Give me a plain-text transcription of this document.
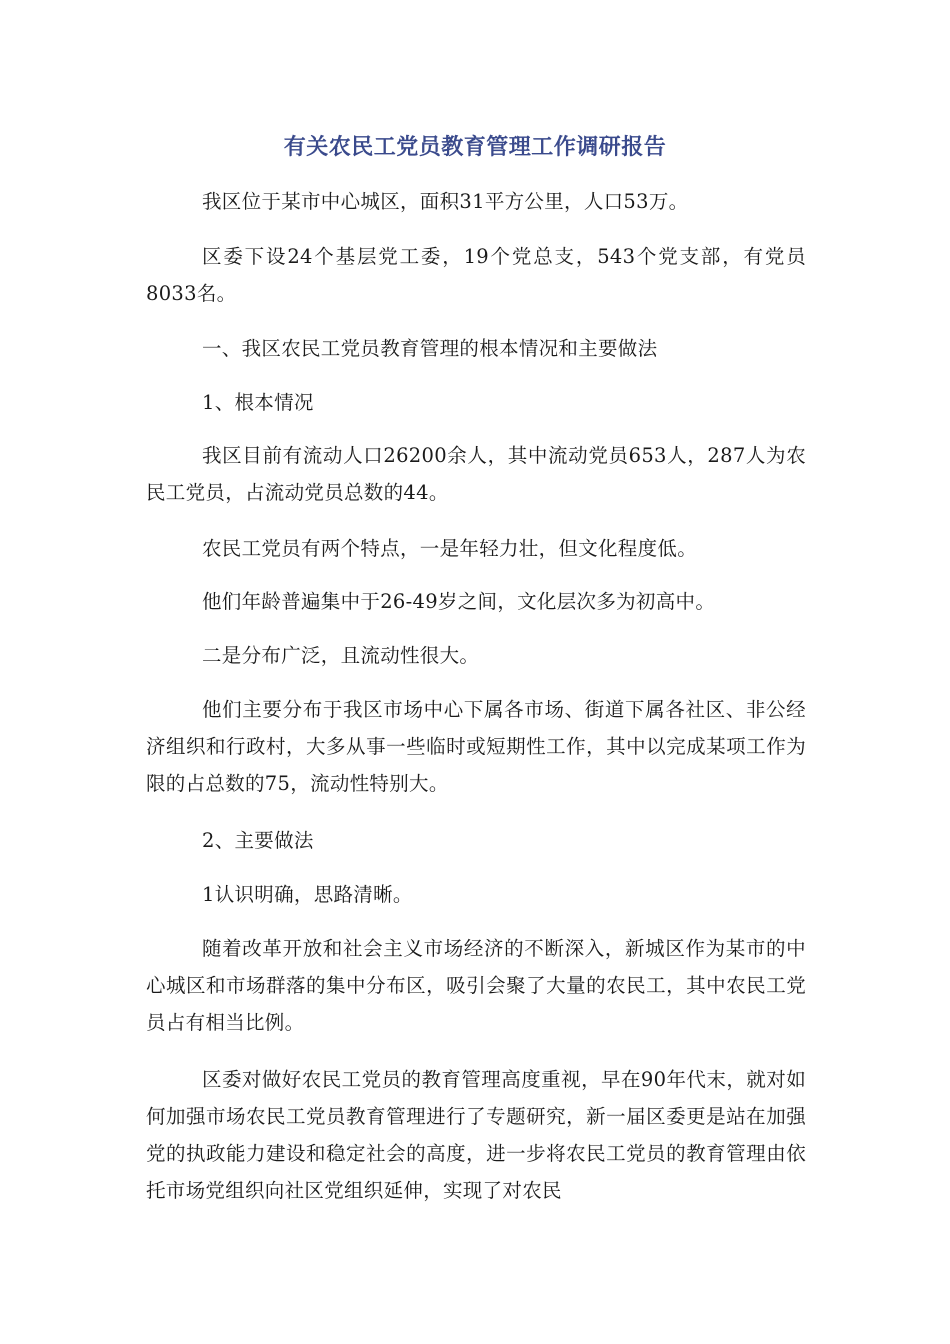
有关农民工党员教育管理工作调研报告
我区位于某市中心城区，面积31平方公里，人口53万。
区委下设24个基层党工委，19个党总支，543个党支部，有党员8033名。
一、我区农民工党员教育管理的根本情况和主要做法
1、根本情况
我区目前有流动人口26200余人，其中流动党员653人，287人为农民工党员，占流动党员总数的44。
农民工党员有两个特点，一是年轻力壮，但文化程度低。
他们年龄普遍集中于26-49岁之间，文化层次多为初高中。
二是分布广泛，且流动性很大。
他们主要分布于我区市场中心下属各市场、街道下属各社区、非公经济组织和行政村，大多从事一些临时或短期性工作，其中以完成某项工作为限的占总数的75，流动性特别大。
2、主要做法
1认识明确，思路清晰。
随着改革开放和社会主义市场经济的不断深入，新城区作为某市的中心城区和市场群落的集中分布区，吸引会聚了大量的农民工，其中农民工党员占有相当比例。
区委对做好农民工党员的教育管理高度重视，早在90年代末，就对如何加强市场农民工党员教育管理进行了专题研究，新一届区委更是站在加强党的执政能力建设和稳定社会的高度，进一步将农民工党员的教育管理由依托市场党组织向社区党组织延伸，实现了对农民
